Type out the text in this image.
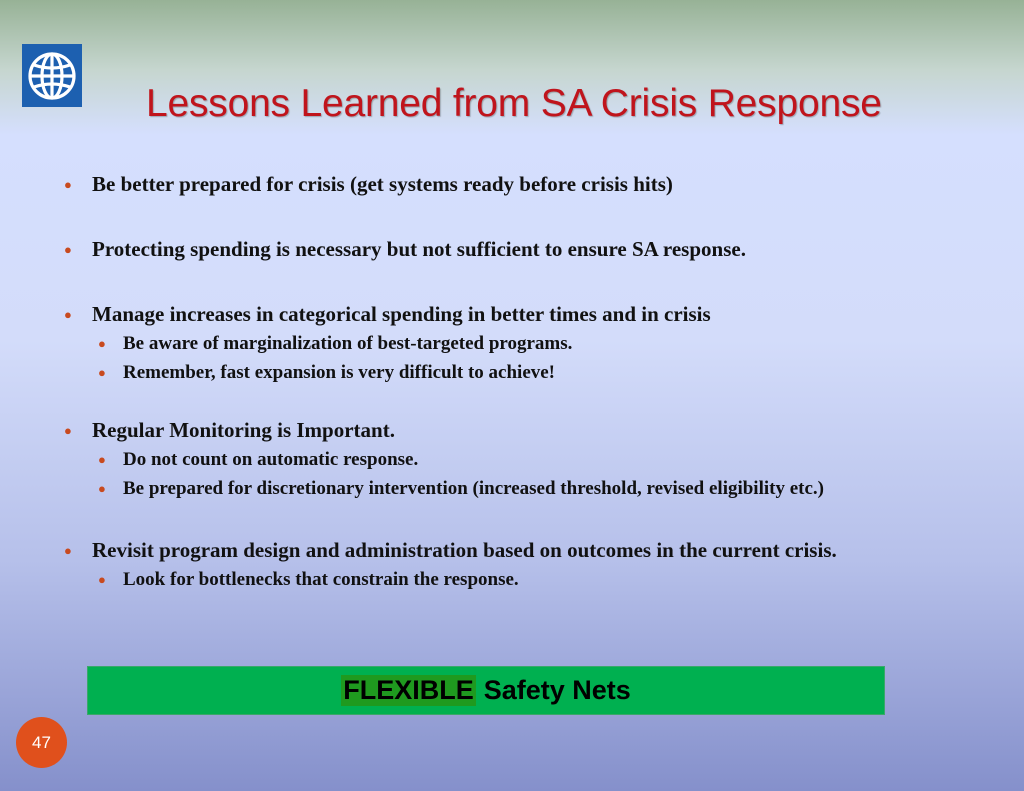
Lessons Learned from SA Crisis Response
● Be better prepared for crisis (get systems ready before crisis hits)
● Protecting spending is necessary but not sufficient to ensure SA response.
● Manage increases in categorical spending in better times and in crisis
● Be aware of marginalization of best-targeted programs.
● Remember, fast expansion is very difficult to achieve!
● Regular Monitoring is Important.
● Do not count on automatic response.
● Be prepared for discretionary intervention (increased threshold, revised eligibility etc.)
● Revisit program design and administration based on outcomes in the current crisis.
● Look for bottlenecks that constrain the response.
FLEXIBLE Safety Nets
47
